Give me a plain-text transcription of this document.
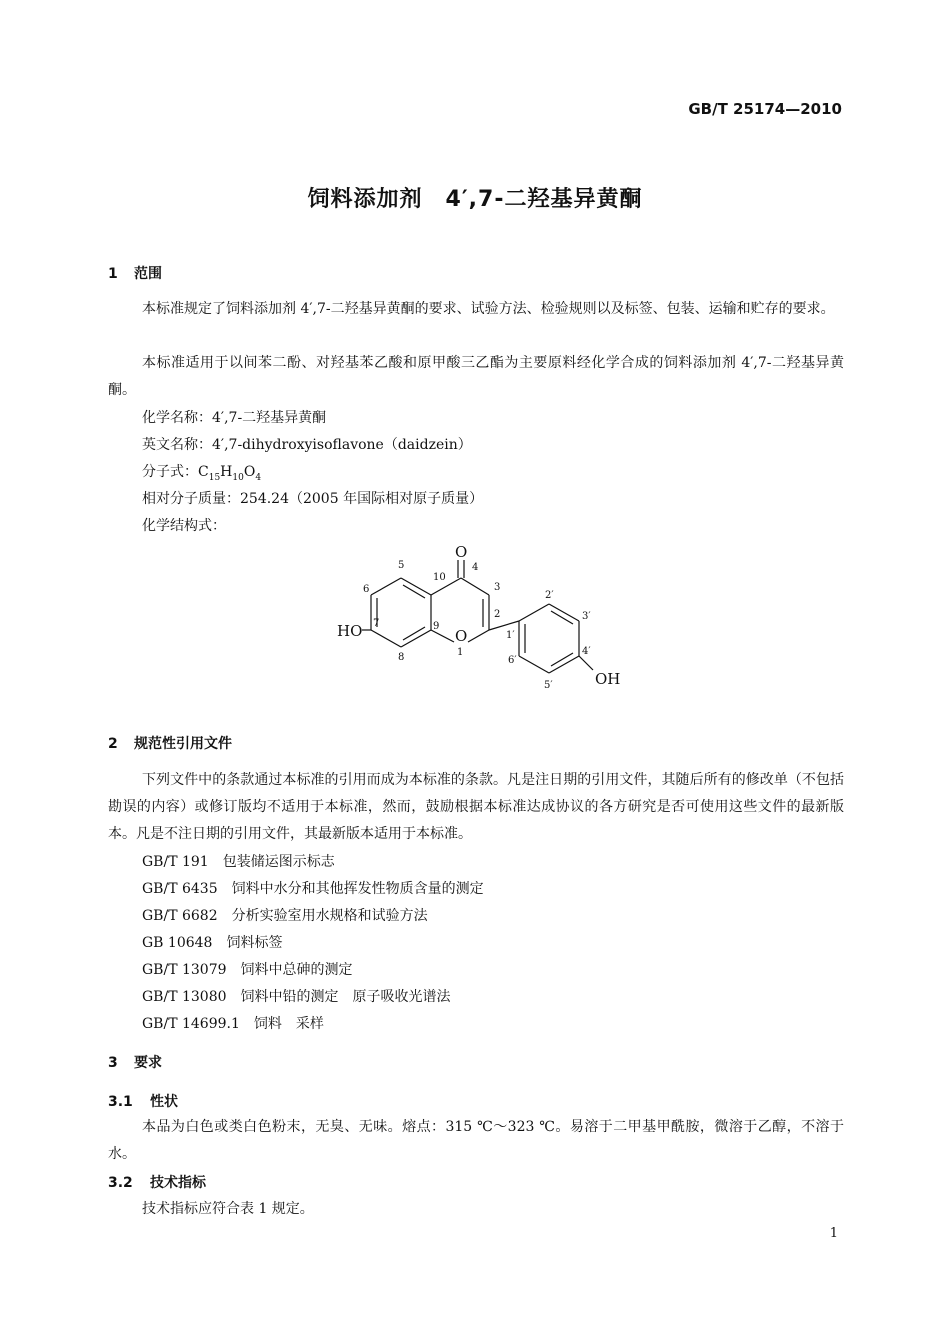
GB/T 25174—2010
饲料添加剂　4′,7-二羟基异黄酮
1 范围
本标准规定了饲料添加剂 4′,7-二羟基异黄酮的要求、试验方法、检验规则以及标签、包装、运输和贮存的要求。
本标准适用于以间苯二酚、对羟基苯乙酸和原甲酸三乙酯为主要原料经化学合成的饲料添加剂 4′,7-二羟基异黄酮。
化学名称：4′,7-二羟基异黄酮
英文名称：4′,7-dihydroxyisoflavone（daidzein）
分子式：$C_{15}H_{10}O_4$
相对分子质量：254.24（2005 年国际相对原子质量）
化学结构式：
HO
OH
O
O
1
2
3
4
5
6
7
8
9
10
1′
2′
3′
4′
5′
6′
2 规范性引用文件
下列文件中的条款通过本标准的引用而成为本标准的条款。凡是注日期的引用文件，其随后所有的修改单（不包括勘误的内容）或修订版均不适用于本标准，然而，鼓励根据本标准达成协议的各方研究是否可使用这些文件的最新版本。凡是不注日期的引用文件，其最新版本适用于本标准。
GB/T 191 包装储运图示标志
GB/T 6435 饲料中水分和其他挥发性物质含量的测定
GB/T 6682 分析实验室用水规格和试验方法
GB 10648 饲料标签
GB/T 13079 饲料中总砷的测定
GB/T 13080 饲料中铅的测定 原子吸收光谱法
GB/T 14699.1 饲料 采样
3 要求
3.1 性状
本品为白色或类白色粉末，无臭、无味。熔点：315 ℃～323 ℃。易溶于二甲基甲酰胺，微溶于乙醇，不溶于水。
3.2 技术指标
技术指标应符合表 1 规定。
1
